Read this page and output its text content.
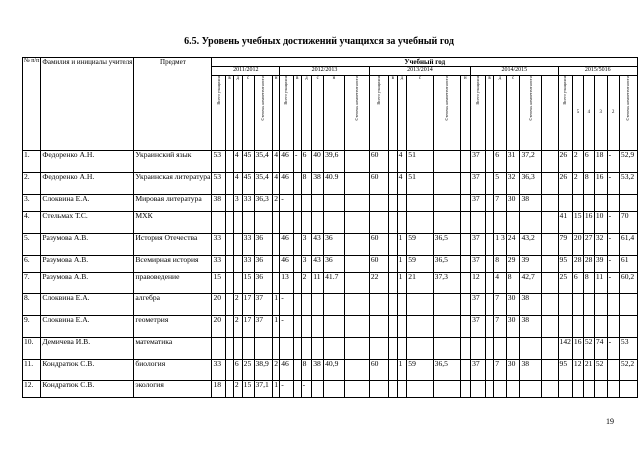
6.5. Уровень учебных достижений учащихся за учебный год
№ п/п	Фамилия и инициалы учителя	Предмет	Учебный год																													
			2011/2012						2012/2013						2013/2014						2014/2015						2015/5016					
			Всего учащихся	в	д	с	Степень компетентности	н	Всего учащихся	в	д	с	н	Степень компетентности	Всего учащихся	в	д	с	Степень компетентности	н	Всего учащихся	в	д	с	Степень компетентности		Всего учащихся	5	4	3	2	Степень компетентности
1.	Федоренко А.Н.	Украинский язык	53		4	45	35,4	4	46	-	6	40	39,6		60		4	51			37		6	31	37,2		26	2	6	18	-	52,9
2.	Федоренко А.Н.	Украинская литература	53		4	45	35,4	4	46		8	38	40.9		60		4	51			37		5	32	36,3		26	2	8	16	-	53,2
3.	Слоквина Е.А.	Мировая литература	38		3	33	36,3	2	-												37		7	30	38							
4.	Стельмах Т.С.	МХК																									41	15	16	10	-	70
5.	Разумова А.В.	История Отечества	33			33	36		46		3	43	36		60		1	59	36,5		37		1 3	24	43,2		79	20	27	32	-	61,4
6.	Разумова А.В.	Всемирная история	33			33	36		46		3	43	36		60		1	59	36,5		37		8	29	39		95	28	28	39	-	61
7.	Разумова А.В.	правоведение	15			15	36		13		2	11	41.7		22		1	21	37,3		12		4	8	42,7		25	6	8	11	-	60,2
8.	Слоквина Е.А.	алгебра	20		2	17	37	1	-												37		7	30	38							
9.	Слоквина Е.А.	геометрия	20		2	17	37	1	-												37		7	30	38							
10.	Демичева И.В.	математика																									142	16	52	74	-	53
11.	Кондратюк С.В.	биология	33		6	25	38,9	2	46		8	38	40,9		60		1	59	36,5		37		7	30	38		95	12	21	52		52,2
12.	Кондратюк С.В.	экология	18		2	15	37,1	1	-		-																					
19
